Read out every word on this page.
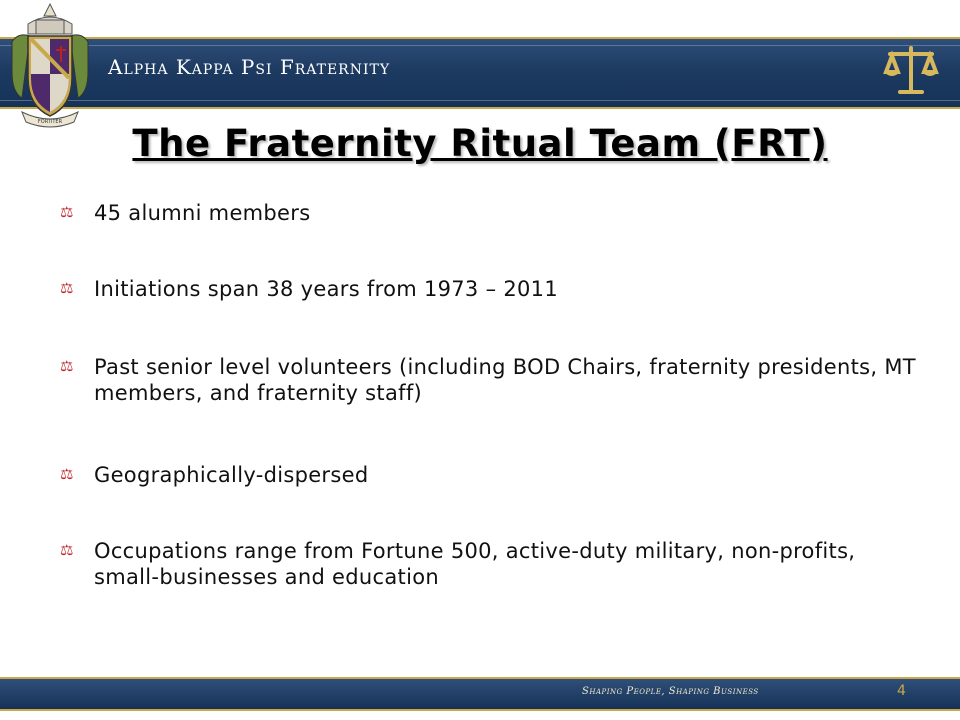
FORTITER
Alpha Kappa Psi Fraternity
The Fraternity Ritual Team (FRT)
⚖ 45 alumni members
⚖ Initiations span 38 years from 1973 – 2011
⚖ Past senior level volunteers (including BOD Chairs, fraternity presidents, MT members, and fraternity staff)
⚖ Geographically-dispersed
⚖ Occupations range from Fortune 500, active-duty military, non-profits, small-businesses and education
Shaping People, Shaping Business	4
